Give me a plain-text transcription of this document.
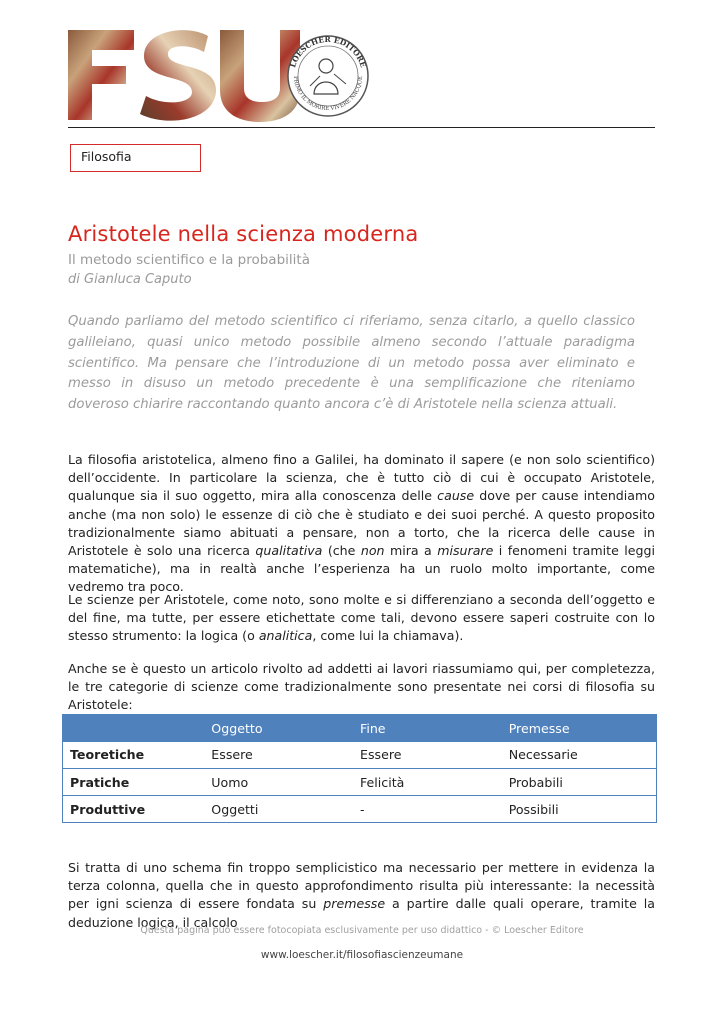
LOESCHER EDITORE
PRIMO IL MORIRE VIVERE NACQUE
Filosofia
Aristotele nella scienza moderna
Il metodo scientifico e la probabilità
di Gianluca Caputo

Quando parliamo del metodo scientifico ci riferiamo, senza citarlo, a quello classico galileiano, quasi unico metodo possibile almeno secondo l’attuale paradigma scientifico. Ma pensare che l’introduzione di un metodo possa aver eliminato e messo in disuso un metodo precedente è una semplificazione che riteniamo doveroso chiarire raccontando quanto ancora c’è di Aristotele nella scienza attuali.

La filosofia aristotelica, almeno fino a Galilei, ha dominato il sapere (e non solo scientifico) dell’occidente. In particolare la scienza, che è tutto ciò di cui è occupato Aristotele, qualunque sia il suo oggetto, mira alla conoscenza delle cause dove per cause intendiamo anche (ma non solo) le essenze di ciò che è studiato e dei suoi perché. A questo proposito tradizionalmente siamo abituati a pensare, non a torto, che la ricerca delle cause in Aristotele è solo una ricerca qualitativa (che non mira a misurare i fenomeni tramite leggi matematiche), ma in realtà anche l’esperienza ha un ruolo molto importante, come vedremo tra poco.

Le scienze per Aristotele, come noto, sono molte e si differenziano a seconda dell’oggetto e del fine, ma tutte, per essere etichettate come tali, devono essere saperi costruite con lo stesso strumento: la logica (o analitica, come lui la chiamava).

Anche se è questo un articolo rivolto ad addetti ai lavori riassumiamo qui, per completezza, le tre categorie di scienze come tradizionalmente sono presentate nei corsi di filosofia su Aristotele:

	Oggetto	Fine	Premesse
Teoretiche	Essere	Essere	Necessarie
Pratiche	Uomo	Felicità	Probabili
Produttive	Oggetti	-	Possibili

Si tratta di uno schema fin troppo semplicistico ma necessario per mettere in evidenza la terza colonna, quella che in questo approfondimento risulta più interessante: la necessità per igni scienza di essere fondata su premesse a partire dalle quali operare, tramite la deduzione logica, il calcolo

Questa pagina può essere fotocopiata esclusivamente per uso didattico - © Loescher Editore
www.loescher.it/filosofiascienzeumane
